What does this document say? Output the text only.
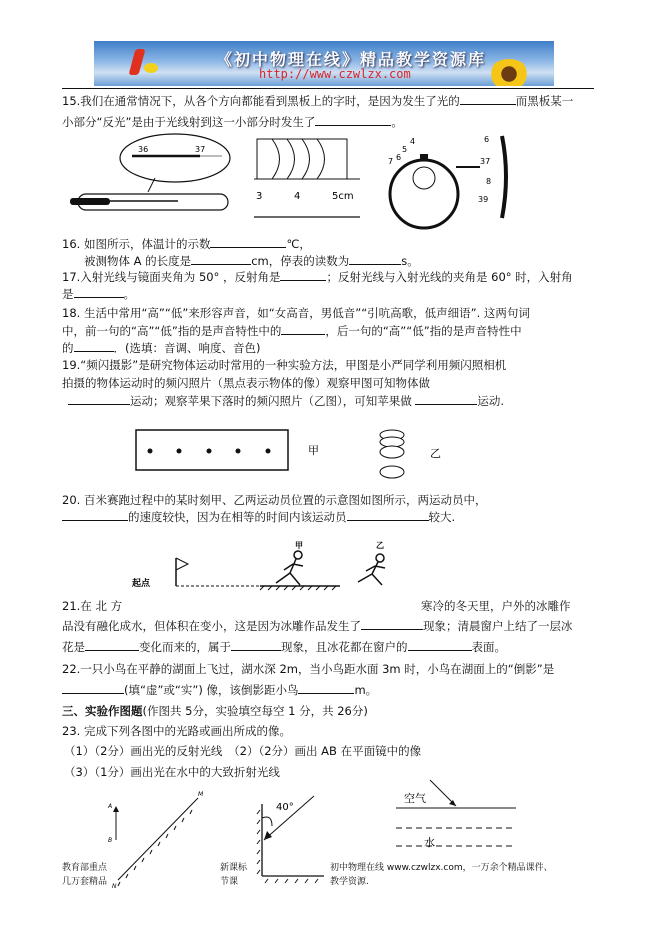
《初中物理在线》精品教学资源库
http://www.czwlzx.com
15.我们在通常情况下，从各个方向都能看到黑板上的字时，是因为发生了光的	而黑板某一
小部分“反光”是由于光线射到这一小部分时发生了	。
36	37
3	4	5cm
4
5
6
7
6
37
8
39
16. 如图所示，体温计的示数	℃，
被测物体 A 的长度是	cm，停表的读数为	s。
17.入射光线与镜面夹角为 50° ，反射角是	；反射光线与入射光线的夹角是 60° 时，入射角
是	。
18. 生活中常用“高”“低”来形容声音，如“女高音，男低音”“引吭高歌，低声细语”. 这两句词
中，前一句的“高”“低”指的是声音特性中的	，后一句的“高”“低”指的是声音特性中
的	．(选填：音调、响度、音色)
19.“频闪摄影”是研究物体运动时常用的一种实验方法，甲图是小严同学利用频闪照相机
拍摄的物体运动时的频闪照片（黑点表示物体的像）观察甲图可知物体做
运动；观察苹果下落时的频闪照片（乙图），可知苹果做	运动.
甲	乙
20. 百米赛跑过程中的某时刻甲、乙两运动员位置的示意图如图所示，两运动员中，
的速度较快，因为在相等的时间内该运动员	较大.
起点
甲	乙
21.在 北 方	寒冷的冬天里，户外的冰雕作
品没有融化成水，但体积在变小，这是因为冰雕作品发生了	现象；清晨窗户上结了一层冰
花是	变化而来的，属于	现象，且冰花都在窗户的	表面。
22.一只小鸟在平静的湖面上飞过，湖水深 2m，当小鸟距水面 3m 时，小鸟在湖面上的“倒影”是
(填“虚”或“实”) 像，该倒影距小鸟	m。
三、实验作图题(作图共 5分，实验填空每空 1 分，共 26分)
23. 完成下列各图中的光路或画出所成的像。
（1）（2分）画出光的反射光线　（2）（2分）画出 AB 在平面镜中的像
（3）（1分）画出光在水中的大致折射光线
A
B
M
N
40°
空气
水
教育部重点	新课标	初中物理在线 www.czwlzx.com，一万余个精品课件、
几万套精品	节课	教学资源.
